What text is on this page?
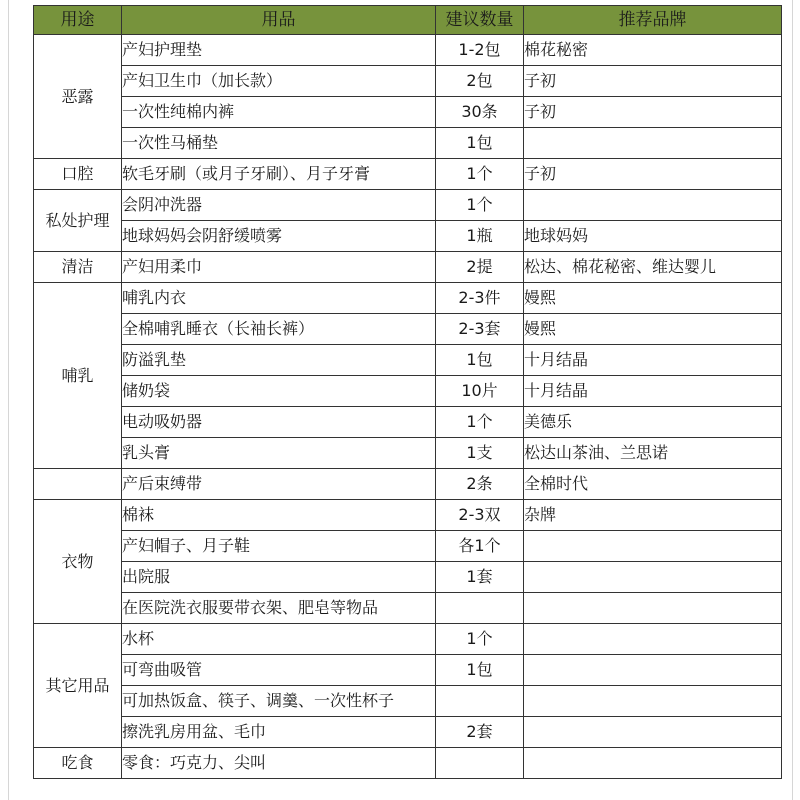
用途	用品	建议数量	推荐品牌
恶露	产妇护理垫	1-2包	棉花秘密
	产妇卫生巾（加长款）	2包	子初
	一次性纯棉内裤	30条	子初
	一次性马桶垫	1包	
口腔	软毛牙刷（或月子牙刷）、月子牙膏	1个	子初
私处护理	会阴冲洗器	1个	
	地球妈妈会阴舒缓喷雾	1瓶	地球妈妈
清洁	产妇用柔巾	2提	松达、棉花秘密、维达婴儿
哺乳	哺乳内衣	2-3件	嫚熙
	全棉哺乳睡衣（长袖长裤）	2-3套	嫚熙
	防溢乳垫	1包	十月结晶
	储奶袋	10片	十月结晶
	电动吸奶器	1个	美德乐
	乳头膏	1支	松达山茶油、兰思诺
	产后束缚带	2条	全棉时代
衣物	棉袜	2-3双	杂牌
	产妇帽子、月子鞋	各1个	
	出院服	1套	
	在医院洗衣服要带衣架、肥皂等物品		
其它用品	水杯	1个	
	可弯曲吸管	1包	
	可加热饭盒、筷子、调羹、一次性杯子		
	擦洗乳房用盆、毛巾	2套	
吃食	零食：巧克力、尖叫		
